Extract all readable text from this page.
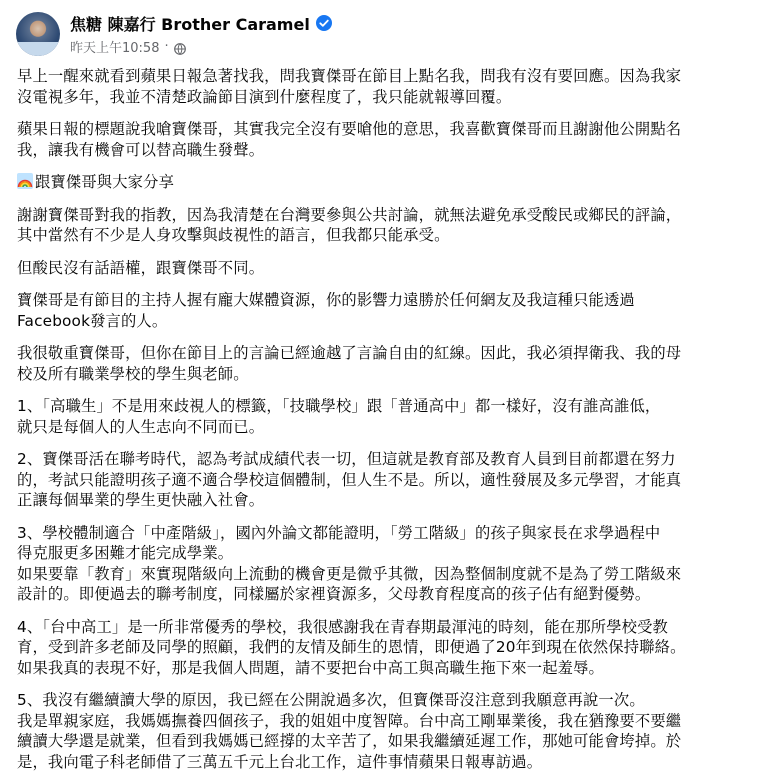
焦糖 陳嘉行 Brother Caramel
昨天上午10:58 ·
早上一醒來就看到蘋果日報急著找我，問我寶傑哥在節目上點名我，問我有沒有要回應。因為我家
沒電視多年，我並不清楚政論節目演到什麼程度了，我只能就報導回覆。
蘋果日報的標題說我嗆寶傑哥，其實我完全沒有要嗆他的意思，我喜歡寶傑哥而且謝謝他公開點名
我，讓我有機會可以替高職生發聲。
跟寶傑哥與大家分享
謝謝寶傑哥對我的指教，因為我清楚在台灣要參與公共討論，就無法避免承受酸民或鄉民的評論，
其中當然有不少是人身攻擊與歧視性的語言，但我都只能承受。
但酸民沒有話語權，跟寶傑哥不同。
寶傑哥是有節目的主持人握有龐大媒體資源，你的影響力遠勝於任何網友及我這種只能透過
Facebook發言的人。
我很敬重寶傑哥，但你在節目上的言論已經逾越了言論自由的紅線。因此，我必須捍衛我、我的母
校及所有職業學校的學生與老師。
1、「高職生」不是用來歧視人的標籤，「技職學校」跟「普通高中」都一樣好，沒有誰高誰低，
就只是每個人的人生志向不同而已。
2、寶傑哥活在聯考時代，認為考試成績代表一切，但這就是教育部及教育人員到目前都還在努力
的，考試只能證明孩子適不適合學校這個體制，但人生不是。所以，適性發展及多元學習，才能真
正讓每個畢業的學生更快融入社會。
3、學校體制適合「中產階級」，國內外論文都能證明，「勞工階級」的孩子與家長在求學過程中
得克服更多困難才能完成學業。
如果要靠「教育」來實現階級向上流動的機會更是微乎其微，因為整個制度就不是為了勞工階級來
設計的。即便過去的聯考制度，同樣屬於家裡資源多，父母教育程度高的孩子佔有絕對優勢。
4、「台中高工」是一所非常優秀的學校，我很感謝我在青春期最渾沌的時刻，能在那所學校受教
育，受到許多老師及同學的照顧，我們的友情及師生的恩情，即便過了20年到現在依然保持聯絡。
如果我真的表現不好，那是我個人問題，請不要把台中高工與高職生拖下來一起羞辱。
5、我沒有繼續讀大學的原因，我已經在公開說過多次，但寶傑哥沒注意到我願意再說一次。
我是單親家庭，我媽媽撫養四個孩子，我的姐姐中度智障。台中高工剛畢業後，我在猶豫要不要繼
續讀大學還是就業，但看到我媽媽已經撐的太辛苦了，如果我繼續延遲工作，那她可能會垮掉。於
是，我向電子科老師借了三萬五千元上台北工作，這件事情蘋果日報專訪過。
